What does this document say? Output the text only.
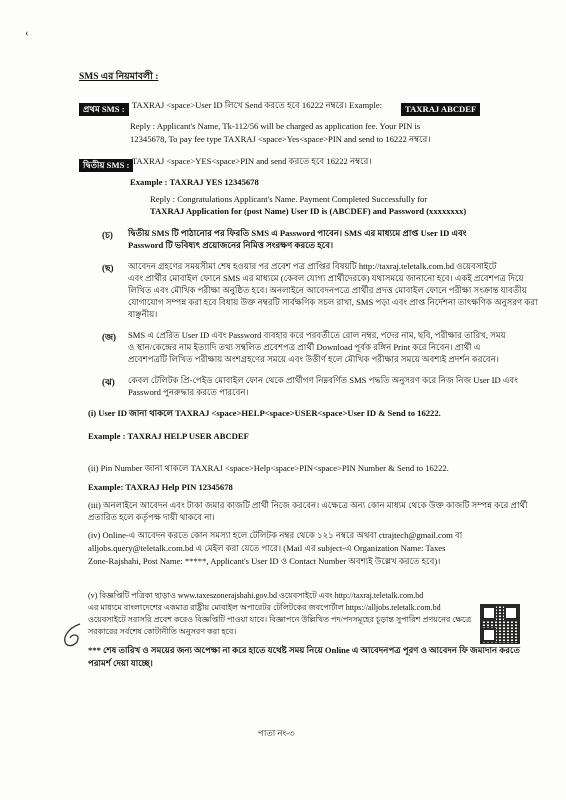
‹
SMS এর নিয়মাবলী :
প্রথম SMS : TAXRAJ <space>User ID লিখে Send করতে হবে 16222 নম্বরে। Example:	TAXRAJ ABCDEF
Reply : Applicant's Name, Tk-112/56 will be charged as application fee. Your PIN is
12345678, To pay fee type TAXRAJ <space>Yes<space>PIN and send to 16222 নম্বরে।
দ্বিতীয় SMS : TAXRAJ <space>YES<space>PIN and send করতে হবে 16222 নম্বরে।
Example : TAXRAJ YES 12345678
Reply : Congratulations Applicant's Name. Payment Completed Successfully for
TAXRAJ Application for (post Name) User ID is (ABCDEF) and Password (xxxxxxxx)
(চ) দ্বিতীয় SMS টি পাঠানোর পর ফিরতি SMS এ Password পাবেন। SMS এর মাধ্যমে প্রাপ্ত User ID এবং
Password টি ভবিষ্যৎ প্রয়োজনের নিমিত্ত সংরক্ষণ করতে হবে।
(ছ) আবেদন গ্রহণের সময়সীমা শেষ হওয়ার পর প্রবেশ পত্র প্রাপ্তির বিষয়টি http://taxraj.teletalk.com.bd ওয়েবসাইটে
এবং প্রার্থীর মোবাইল ফোনে SMS এর মাধ্যমে (কেবল যোগ্য প্রার্থীদেরকে) যথাসময়ে জানানো হবে। একই প্রবেশপত্র দিয়ে
লিখিত এবং মৌখিক পরীক্ষা অনুষ্ঠিত হবে। অনলাইনে আবেদনপত্রে প্রার্থীর প্রদত্ত মোবাইল ফোনে পরীক্ষা সংক্রান্ত যাবতীয়
যোগাযোগ সম্পন্ন করা হবে বিধায় উক্ত নম্বরটি সার্বক্ষণিক সচল রাখা, SMS পড়া এবং প্রাপ্ত নির্দেশনা তাৎক্ষণিক অনুসরণ করা
বাঞ্ছনীয়।
(জ) SMS এ প্রেরিত User ID এবং Password ব্যবহার করে পরবর্তীতে রোল নম্বর, পদের নাম, ছবি, পরীক্ষার তারিখ, সময়
ও স্থান/কেন্দ্রের নাম ইত্যাদি তথ্য সম্বলিত প্রবেশপত্র প্রার্থী Download পূর্বক রঙ্গিন Print করে নিবেন। প্রার্থী এ
প্রবেশপত্রটি লিখিত পরীক্ষায় অংশগ্রহণের সময়ে এবং উত্তীর্ণ হলে মৌখিক পরীক্ষার সময়ে অবশ্যই প্রদর্শন করবেন।
(ঝ) কেবল টেলিটক প্রি-পেইড মোবাইল ফোন থেকে প্রার্থীগণ নিম্নবর্ণিত SMS পদ্ধতি অনুসরণ করে নিজ নিজ User ID এবং
Password পুনরুদ্ধার করতে পারবেন।
(i) User ID জানা থাকলে TAXRAJ <space>HELP<space>USER<space>User ID & Send to 16222.
Example : TAXRAJ HELP USER ABCDEF
(ii) Pin Number জানা থাকলে TAXRAJ <space>Help<space>PIN<space>PIN Number & Send to 16222.
Example: TAXRAJ Help PIN 12345678
(iii) অনলাইনে আবেদন এবং টাকা জমার কাজটি প্রার্থী নিজে করবেন। এক্ষেত্রে অন্য কোন মাধ্যম থেকে উক্ত কাজটি সম্পন্ন করে প্রার্থী
প্রতারিত হলে কর্তৃপক্ষ দায়ী থাকবে না।
(iv) Online-এ আবেদন করতে কোন সমস্যা হলে টেলিটক নম্বর থেকে ১২১ নম্বরে অথবা ctrajtech@gmail.com বা
alljobs.query@teletalk.com.bd এ মেইল করা যেতে পারে। (Mail এর subject-এ Organization Name: Taxes
Zone-Rajshahi, Post Name: *****, Applicant's User ID ও Contact Number অবশ্যই উল্লেখ করতে হবে)।
(v) বিজ্ঞপ্তিটি পত্রিকা ছাড়াও www.taxeszonerajshahi.gov.bd ওয়েবসাইটে এবং http://taxraj.teletalk.com.bd
এর মাধ্যমে বাংলাদেশের একমাত্র রাষ্ট্রীয় মোবাইল অপারেটর টেলিটকের জবপোর্টাল https://alljobs.teletalk.com.bd
ওয়েবসাইটে সরাসরি প্রবেশ করেও বিজ্ঞপ্তিটি পাওয়া যাবে। বিজ্ঞাপনে উল্লিখিত পদ/পদসমূহের চূড়ান্ত সুপারিশ প্রণয়নের ক্ষেত্রে
সরকারের সর্বশেষ কোটানীতি অনুসরণ করা হবে।
*** শেষ তারিখ ও সময়ের জন্য অপেক্ষা না করে হাতে যথেষ্ট সময় নিয়ে Online এ আবেদনপত্র পূরণ ও আবেদন ফি জমাদান করতে
পরামর্শ দেয়া যাচ্ছে।
পাতা নং-৩
